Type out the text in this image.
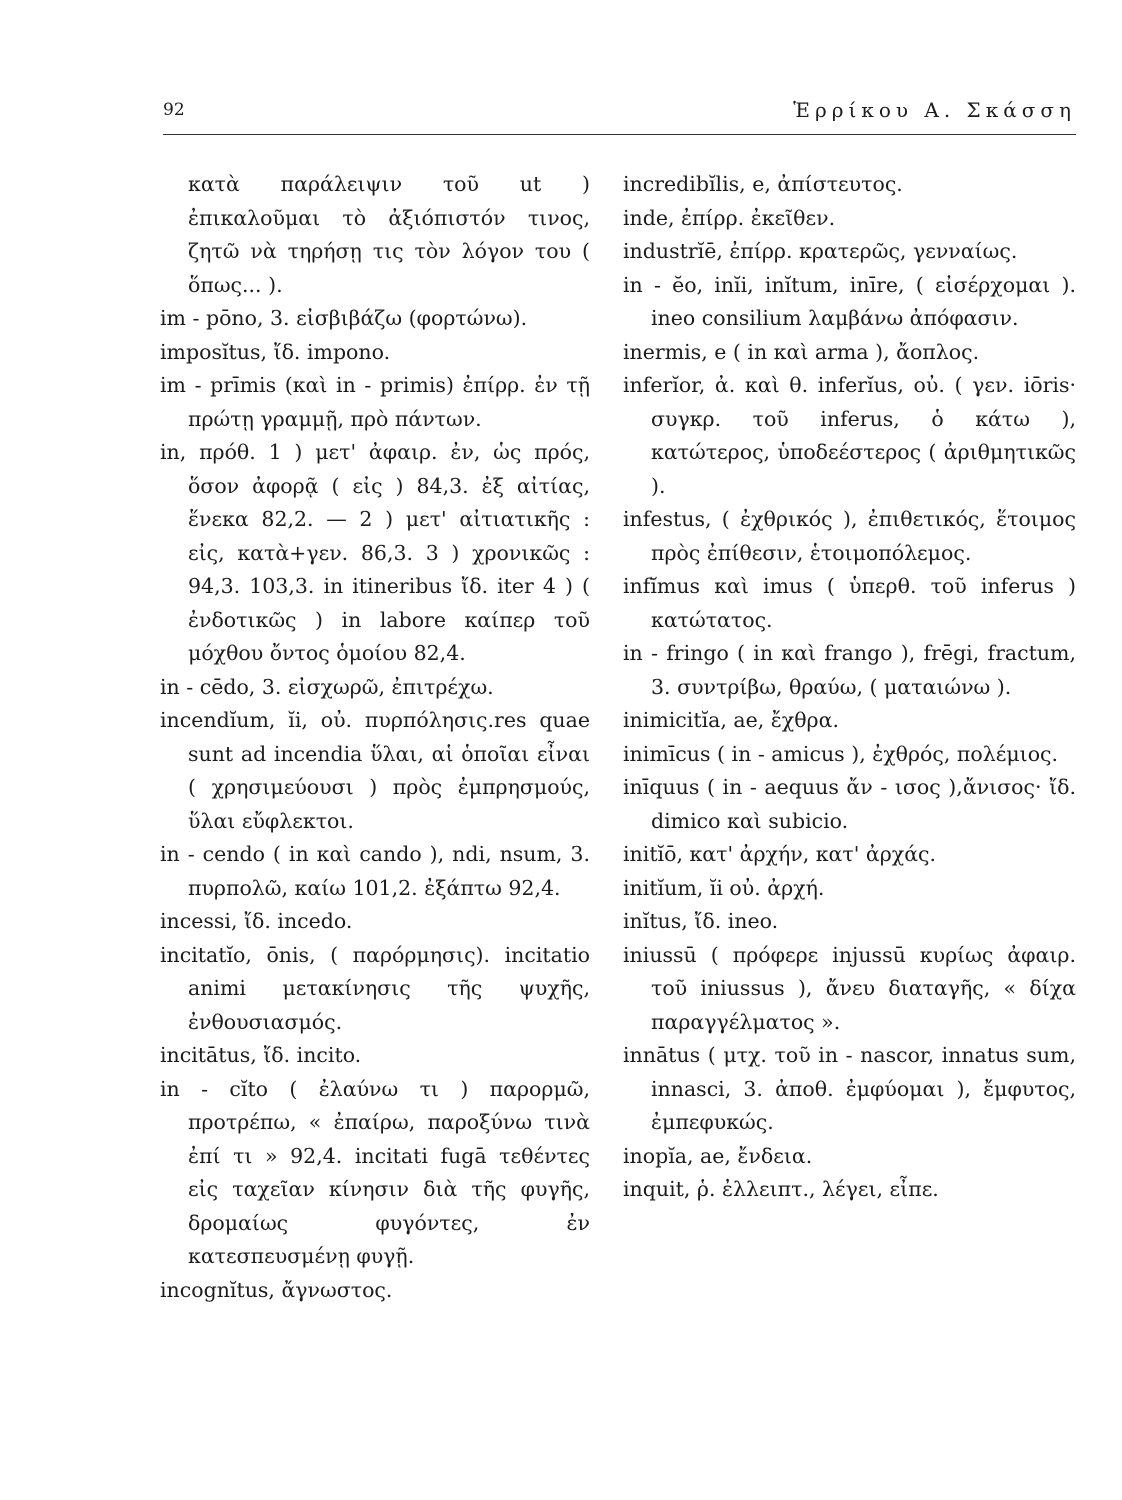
92	Ἑρρίκου Α. Σκάσση

κατὰ παράλειψιν τοῦ ut ) ἐπικαλοῦμαι τὸ ἀξιόπιστόν τινος, ζητῶ νὰ τηρήσῃ τις τὸν λόγον του ( ὅπως... ).

im - pōno, 3. εἰσβιβάζω (φορτώνω).

imposĭtus, ἴδ. impono.

im - prīmis (καὶ in - primis) ἐπίρρ. ἐν τῇ πρώτῃ γραμμῇ, πρὸ πάντων.

in, πρόθ. 1 ) μετ' ἀφαιρ. ἐν, ὡς πρός, ὅσον ἀφορᾷ ( εἰς ) 84,3. ἐξ αἰτίας, ἕνεκα 82,2. — 2 ) μετ' αἰτιατικῆς : εἰς, κατὰ+γεν. 86,3. 3 ) χρονικῶς : 94,3. 103,3. in itineribus ἴδ. iter 4 ) ( ἐνδοτικῶς ) in labore καίπερ τοῦ μόχθου ὄντος ὁμοίου 82,4.

in - cēdo, 3. εἰσχωρῶ, ἐπιτρέχω.

incendĭum, ĭi, οὐ. πυρπόλησις.res quae sunt ad incendia ὕλαι, αἱ ὁποῖαι εἶναι ( χρησιμεύουσι ) πρὸς ἐμπρησμούς, ὕλαι εὔφλεκτοι.

in - cendo ( in καὶ cando ), ndi, nsum, 3. πυρπολῶ, καίω 101,2. ἐξάπτω 92,4.

incessi, ἴδ. incedo.

incitatĭo, ōnis, ( παρόρμησις). incitatio animi μετακίνησις τῆς ψυχῆς, ἐνθουσιασμός.

incitātus, ἴδ. incito.

in - cĭto ( ἐλαύνω τι ) παρορμῶ, προτρέπω, « ἐπαίρω, παροξύνω τινὰ ἐπί τι » 92,4. incitati fugā τεθέντες εἰς ταχεῖαν κίνησιν διὰ τῆς φυγῆς, δρομαίως φυγόντες, ἐν κατεσπευσμένῃ φυγῇ.

incognĭtus, ἄγνωστος.

incredibĭlis, e, ἀπίστευτος.

inde, ἐπίρρ. ἐκεῖθεν.

industrĭē, ἐπίρρ. κρατερῶς, γενναίως.

in - ĕo, inĭi, inĭtum, inīre, ( εἰσέρχομαι ). ineo consilium λαμβάνω ἀπόφασιν.

inermis, e ( in καὶ arma ), ἄοπλος.

inferĭor, ἀ. καὶ θ. inferĭus, οὐ. ( γεν. iōris· συγκρ. τοῦ inferus, ὁ κάτω ), κατώτερος, ὑποδεέστερος ( ἀριθμητικῶς ).

infestus, ( ἐχθρικός ), ἐπιθετικός, ἕτοιμος πρὸς ἐπίθεσιν, ἑτοιμοπόλεμος.

infĭmus καὶ imus ( ὑπερθ. τοῦ inferus ) κατώτατος.

in - fringo ( in καὶ frango ), frēgi, fractum, 3. συντρίβω, θραύω, ( ματαιώνω ).

inimicitĭa, ae, ἔχθρα.

inimīcus ( in - amicus ), ἐχθρός, πολέμιος.

inīquus ( in - aequus ἄν - ισος ),ἄνισος· ἴδ. dimico καὶ subicio.

initĭō, κατ' ἀρχήν, κατ' ἀρχάς.

initĭum, ĭi οὐ. ἀρχή.

inĭtus, ἴδ. ineo.

iniussū ( πρόφερε injussū κυρίως ἀφαιρ. τοῦ iniussus ), ἄνευ διαταγῆς, « δίχα παραγγέλματος ».

innātus ( μτχ. τοῦ in - nascor, innatus sum, innasci, 3. ἀποθ. ἐμφύομαι ), ἔμφυτος, ἐμπεφυκώς.

inopĭa, ae, ἔνδεια.

inquit, ῥ. ἐλλειπτ., λέγει, εἶπε.
